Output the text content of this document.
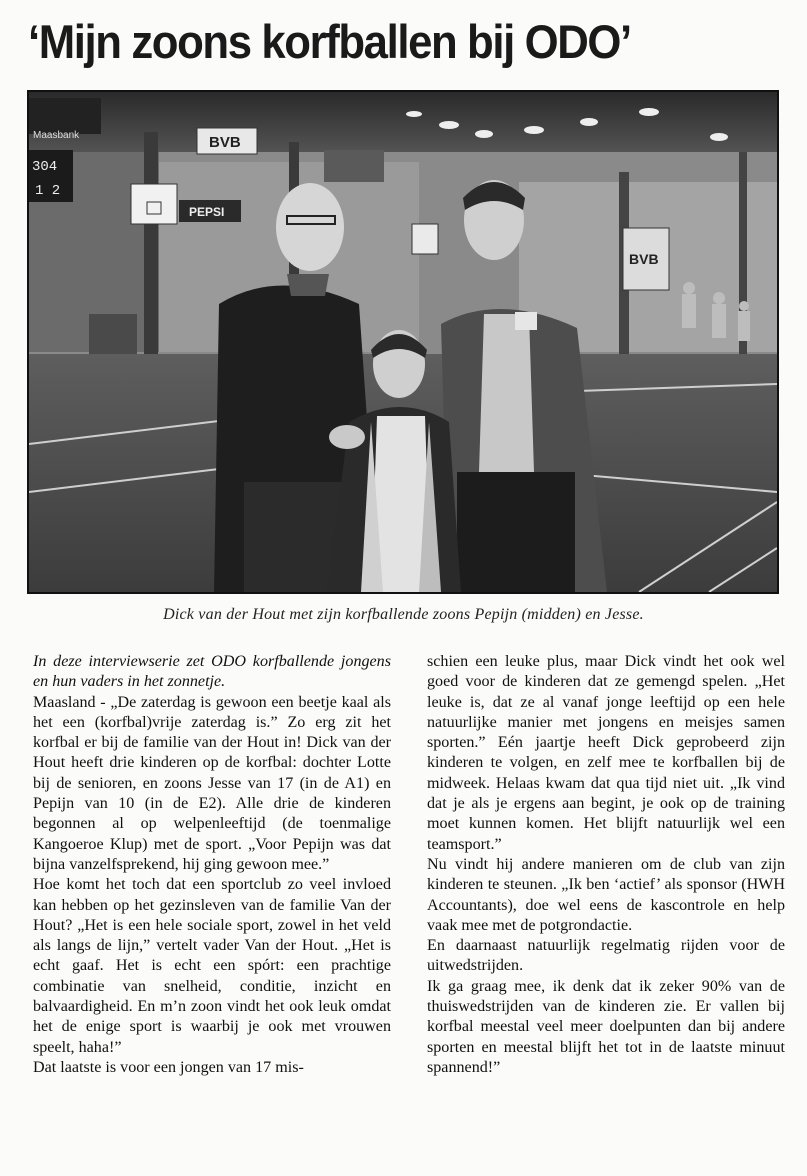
‘Mijn zoons korfballen bij ODO’
Maasbank
304
1 2
BVB
PEPSI
BVB
Dick van der Hout met zijn korfballende zoons Pepijn (midden) en Jesse.

In deze interviewserie zet ODO korfballende jongens en hun vaders in het zonnetje.

Maasland - „De zaterdag is gewoon een beetje kaal als het een (korfbal)vrije zaterdag is.” Zo erg zit het korfbal er bij de familie van der Hout in! Dick van der Hout heeft drie kinderen op de korfbal: dochter Lotte bij de senioren, en zoons Jesse van 17 (in de A1) en Pepijn van 10 (in de E2). Alle drie de kinderen begonnen al op welpenleeftijd (de toenmalige Kangoeroe Klup) met de sport. „Voor Pepijn was dat bijna vanzelfsprekend, hij ging gewoon mee.”

Hoe komt het toch dat een sportclub zo veel invloed kan hebben op het gezinsleven van de familie Van der Hout? „Het is een hele sociale sport, zowel in het veld als langs de lijn,” vertelt vader Van der Hout. „Het is echt gaaf. Het is echt een spórt: een prachtige combinatie van snelheid, conditie, inzicht en balvaardigheid. En m’n zoon vindt het ook leuk omdat het de enige sport is waarbij je ook met vrouwen speelt, haha!”

Dat laatste is voor een jongen van 17 mis-

schien een leuke plus, maar Dick vindt het ook wel goed voor de kinderen dat ze gemengd spelen. „Het leuke is, dat ze al vanaf jonge leeftijd op een hele natuurlijke manier met jongens en meisjes samen sporten.” Eén jaartje heeft Dick geprobeerd zijn kinderen te volgen, en zelf mee te korfballen bij de midweek. Helaas kwam dat qua tijd niet uit. „Ik vind dat je als je ergens aan begint, je ook op de training moet kunnen komen. Het blijft natuurlijk wel een teamsport.”

Nu vindt hij andere manieren om de club van zijn kinderen te steunen. „Ik ben ‘actief’ als sponsor (HWH Accountants), doe wel eens de kascontrole en help vaak mee met de potgrondactie.

En daarnaast natuurlijk regelmatig rijden voor de uitwedstrijden.

Ik ga graag mee, ik denk dat ik zeker 90% van de thuiswedstrijden van de kinderen zie. Er vallen bij korfbal meestal veel meer doelpunten dan bij andere sporten en meestal blijft het tot in de laatste minuut spannend!”
